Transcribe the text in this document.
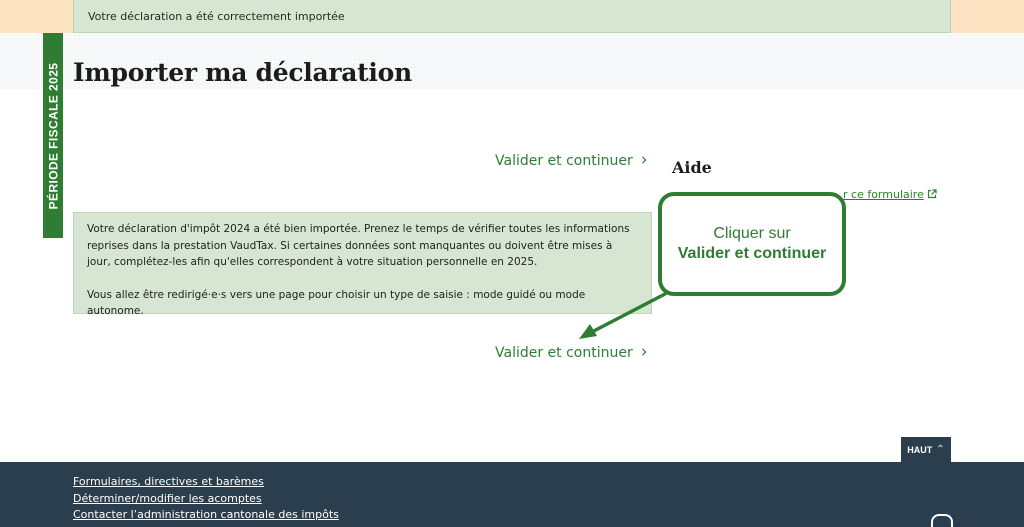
Votre déclaration a été correctement importée
Importer ma déclaration
PÉRIODE FISCALE 2025	Valider et continuer ›

Votre déclaration d'impôt 2024 a été bien importée. Prenez le temps de vérifier toutes les informations reprises dans la prestation VaudTax. Si certaines données sont manquantes ou doivent être mises à jour, complétez-les afin qu'elles correspondent à votre situation personnelle en 2025.

Vous allez être redirigé·e·s vers une page pour choisir un type de saisie : mode guidé ou mode autonome.

Valider et continuer ›
Aide
r ce formulaire
Cliquer sur
Valider et continuer
HAUT ⌃
Formulaires, directives et barèmes
Déterminer/modifier les acomptes
Contacter l’administration cantonale des impôts
